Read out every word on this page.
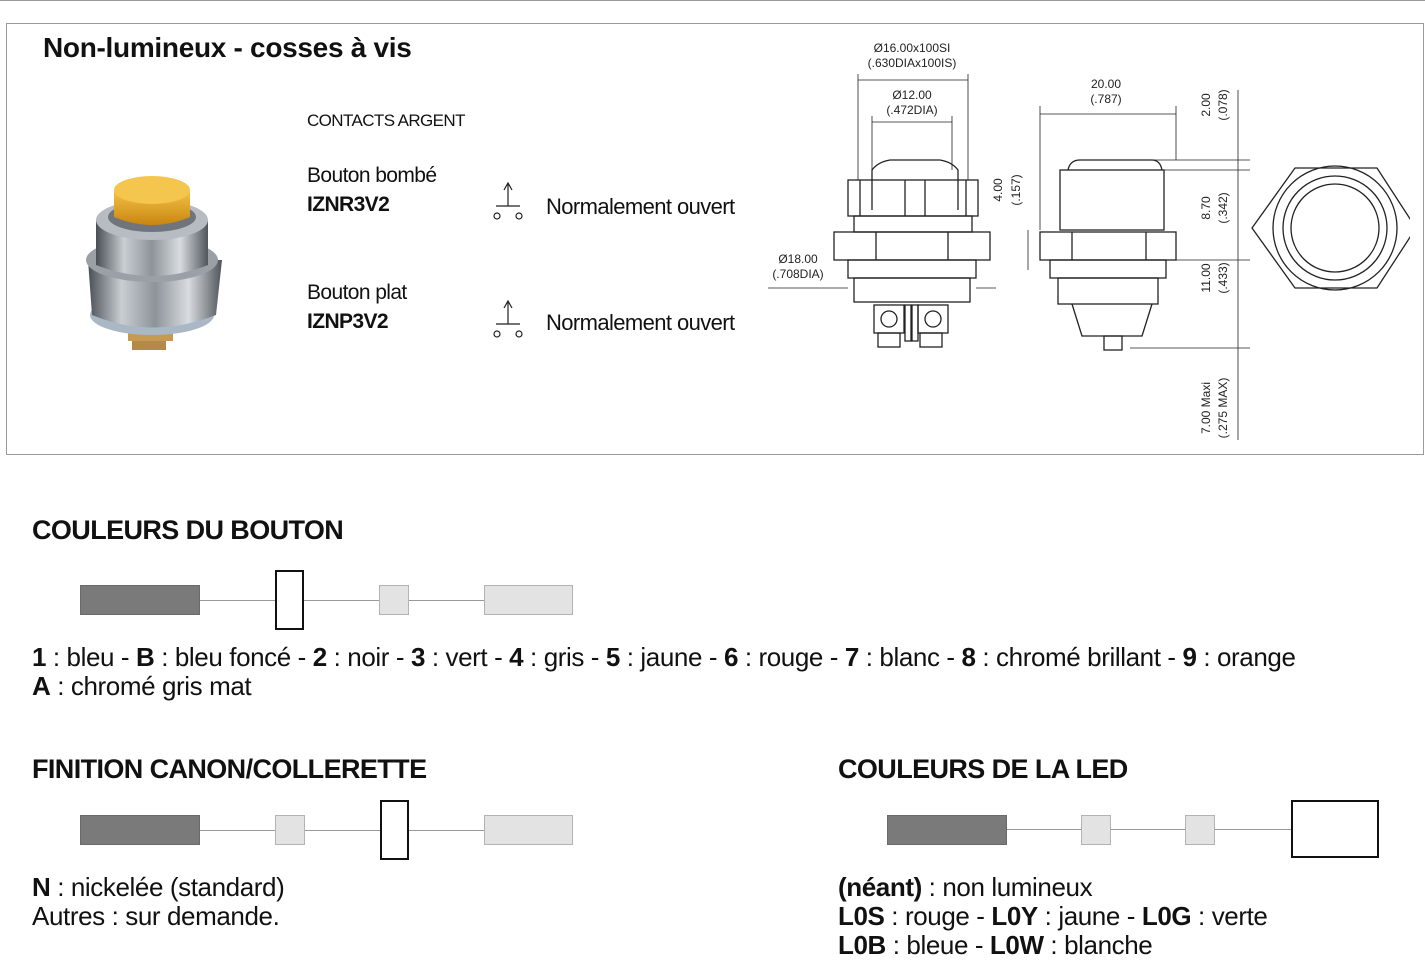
Non-lumineux - cosses à vis
CONTACTS ARGENT
Bouton bombé
IZNR3V2	Normalement ouvert
Bouton plat
IZNP3V2	Normalement ouvert
Ø16.00x100SI
(.630DIAx100IS)
Ø12.00
(.472DIA)
Ø18.00
(.708DIA)
20.00
(.787)
4.00 (.157)
2.00 (.078)
8.70 (.342)
11.00 (.433)
7.00 Maxi (.275 MAX)
COULEURS DU BOUTON
1 : bleu - B : bleu foncé - 2 : noir - 3 : vert - 4 : gris - 5 : jaune - 6 : rouge - 7 : blanc - 8 : chromé brillant - 9 : orange
A : chromé gris mat
FINITION CANON/COLLERETTE
N : nickelée (standard)
Autres : sur demande.
COULEURS DE LA LED
(néant) : non lumineux
L0S : rouge - L0Y : jaune - L0G : verte
L0B : bleue - L0W : blanche
